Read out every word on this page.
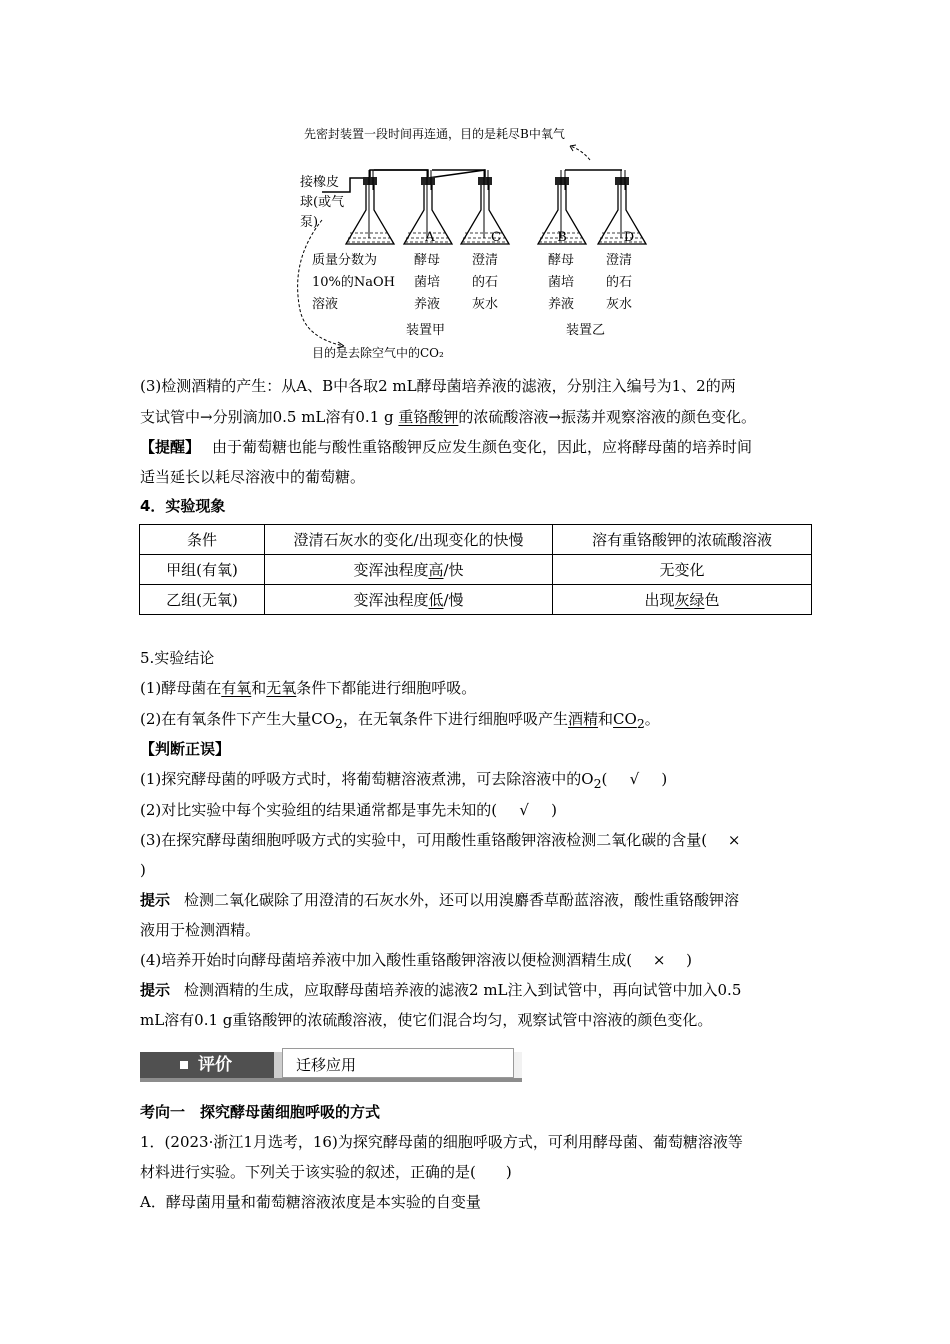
先密封装置一段时间再连通，目的是耗尽B中氧气
接橡皮
球(或气
泵)
A	C	B	D
质量分数为
10%的NaOH
溶液
酵母
菌培
养液
澄清
的石
灰水
酵母
菌培
养液
澄清
的石
灰水
装置甲	装置乙
目的是去除空气中的CO₂
(3)检测酒精的产生：从A、B中各取2 mL酵母菌培养液的滤液，分别注入编号为1、2的两
支试管中→分别滴加0.5 mL溶有0.1 g 重铬酸钾的浓硫酸溶液→振荡并观察溶液的颜色变化。
【提醒】 由于葡萄糖也能与酸性重铬酸钾反应发生颜色变化，因此，应将酵母菌的培养时间
适当延长以耗尽溶液中的葡萄糖。
4．实验现象
条件	澄清石灰水的变化/出现变化的快慢	溶有重铬酸钾的浓硫酸溶液
甲组(有氧)	变浑浊程度高/快	无变化
乙组(无氧)	变浑浊程度低/慢	出现灰绿色
5.实验结论
(1)酵母菌在有氧和无氧条件下都能进行细胞呼吸。
(2)在有氧条件下产生大量$CO_2$，在无氧条件下进行细胞呼吸产生酒精和$CO_2$。
【判断正误】
(1)探究酵母菌的呼吸方式时，将葡萄糖溶液煮沸，可去除溶液中的$O_2$( √ )
(2)对比实验中每个实验组的结果通常都是事先未知的( √ )
(3)在探究酵母菌细胞呼吸方式的实验中，可用酸性重铬酸钾溶液检测二氧化碳的含量( ×
)
提示 检测二氧化碳除了用澄清的石灰水外，还可以用溴麝香草酚蓝溶液，酸性重铬酸钾溶
液用于检测酒精。
(4)培养开始时向酵母菌培养液中加入酸性重铬酸钾溶液以便检测酒精生成( × )
提示 检测酒精的生成，应取酵母菌培养液的滤液2 mL注入到试管中，再向试管中加入0.5
mL溶有0.1 g重铬酸钾的浓硫酸溶液，使它们混合均匀，观察试管中溶液的颜色变化。
评价	迁移应用
考向一　探究酵母菌细胞呼吸的方式
1．(2023·浙江1月选考，16)为探究酵母菌的细胞呼吸方式，可利用酵母菌、葡萄糖溶液等
材料进行实验。下列关于该实验的叙述，正确的是(　　)
A．酵母菌用量和葡萄糖溶液浓度是本实验的自变量
